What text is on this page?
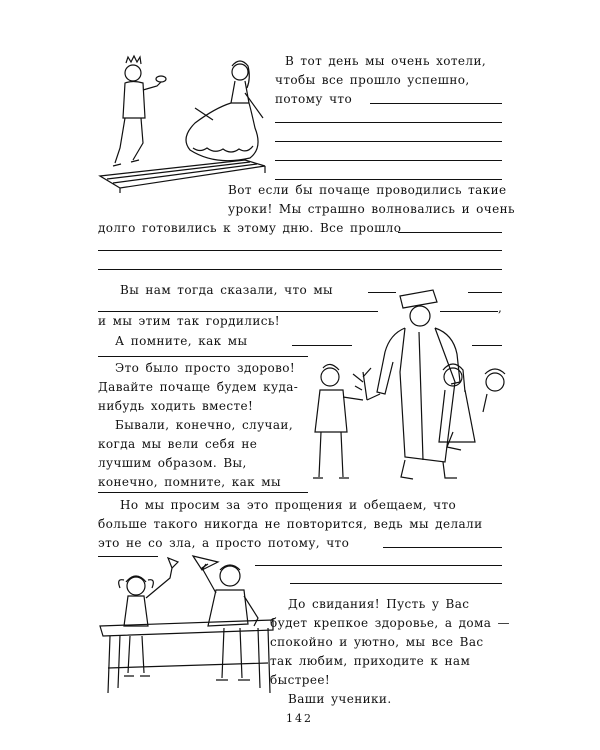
В тот день мы очень хотели,
чтобы все прошло успешно,
потому что
Вот если бы почаще проводились такие
уроки! Мы страшно волновались и очень
долго готовились к этому дню. Все прошло
Вы нам тогда сказали, что мы
,
и мы этим так гордились!
А помните, как мы
Это было просто здорово!
Давайте почаще будем куда-
нибудь ходить вместе!
Бывали, конечно, случаи,
когда мы вели себя не
лучшим образом. Вы,
конечно, помните, как мы
Но мы просим за это прощения и обещаем, что
больше такого никогда не повторится, ведь мы делали
это не со зла, а просто потому, что
До свидания! Пусть у Вас
будет крепкое здоровье, а дома —
спокойно и уютно, мы все Вас
так любим, приходите к нам
быстрее!
Ваши ученики.
142
